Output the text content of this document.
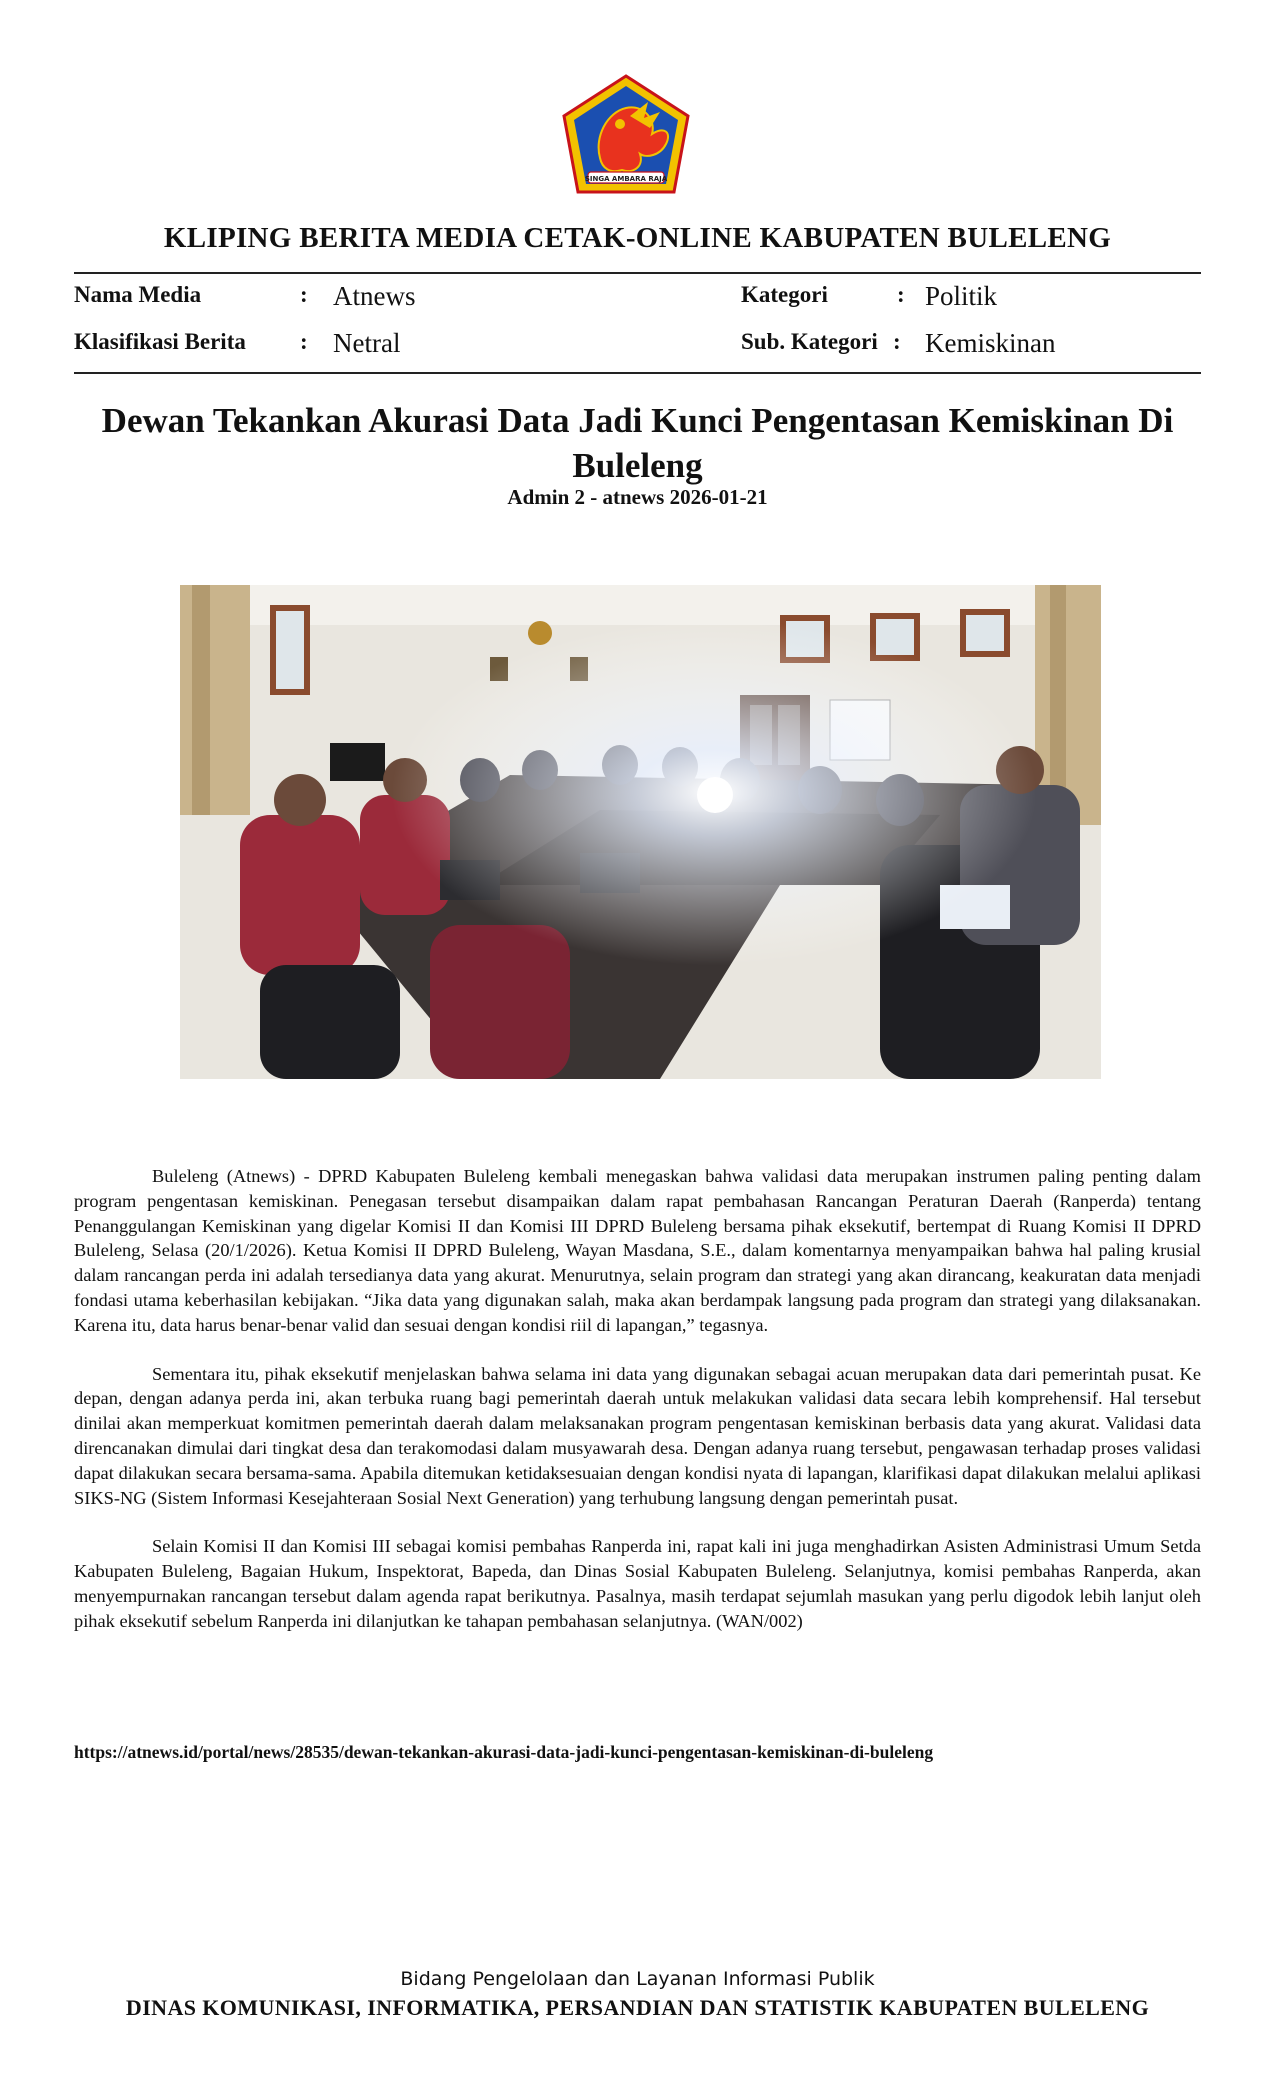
SINGA AMBARA RAJA
KLIPING BERITA MEDIA CETAK-ONLINE KABUPATEN BULELENG
Nama Media	: Atnews
Klasifikasi Berita : Netral
Kategori	: Politik
Sub. Kategori : Kemiskinan
Dewan Tekankan Akurasi Data Jadi Kunci Pengentasan Kemiskinan Di Buleleng
Admin 2 - atnews 2026-01-21

Buleleng (Atnews) - DPRD Kabupaten Buleleng kembali menegaskan bahwa validasi data merupakan instrumen paling penting dalam program pengentasan kemiskinan. Penegasan tersebut disampaikan dalam rapat pembahasan Rancangan Peraturan Daerah (Ranperda) tentang Penanggulangan Kemiskinan yang digelar Komisi II dan Komisi III DPRD Buleleng bersama pihak eksekutif, bertempat di Ruang Komisi II DPRD Buleleng, Selasa (20/1/2026). Ketua Komisi II DPRD Buleleng, Wayan Masdana, S.E., dalam komentarnya menyampaikan bahwa hal paling krusial dalam rancangan perda ini adalah tersedianya data yang akurat. Menurutnya, selain program dan strategi yang akan dirancang, keakuratan data menjadi fondasi utama keberhasilan kebijakan. “Jika data yang digunakan salah, maka akan berdampak langsung pada program dan strategi yang dilaksanakan. Karena itu, data harus benar-benar valid dan sesuai dengan kondisi riil di lapangan,” tegasnya.

Sementara itu, pihak eksekutif menjelaskan bahwa selama ini data yang digunakan sebagai acuan merupakan data dari pemerintah pusat. Ke depan, dengan adanya perda ini, akan terbuka ruang bagi pemerintah daerah untuk melakukan validasi data secara lebih komprehensif. Hal tersebut dinilai akan memperkuat komitmen pemerintah daerah dalam melaksanakan program pengentasan kemiskinan berbasis data yang akurat. Validasi data direncanakan dimulai dari tingkat desa dan terakomodasi dalam musyawarah desa. Dengan adanya ruang tersebut, pengawasan terhadap proses validasi dapat dilakukan secara bersama-sama. Apabila ditemukan ketidaksesuaian dengan kondisi nyata di lapangan, klarifikasi dapat dilakukan melalui aplikasi SIKS-NG (Sistem Informasi Kesejahteraan Sosial Next Generation) yang terhubung langsung dengan pemerintah pusat.

Selain Komisi II dan Komisi III sebagai komisi pembahas Ranperda ini, rapat kali ini juga menghadirkan Asisten Administrasi Umum Setda Kabupaten Buleleng, Bagaian Hukum, Inspektorat, Bapeda, dan Dinas Sosial Kabupaten Buleleng. Selanjutnya, komisi pembahas Ranperda, akan menyempurnakan rancangan tersebut dalam agenda rapat berikutnya. Pasalnya, masih terdapat sejumlah masukan yang perlu digodok lebih lanjut oleh pihak eksekutif sebelum Ranperda ini dilanjutkan ke tahapan pembahasan selanjutnya. (WAN/002)

https://atnews.id/portal/news/28535/dewan-tekankan-akurasi-data-jadi-kunci-pengentasan-kemiskinan-di-buleleng
Bidang Pengelolaan dan Layanan Informasi Publik
DINAS KOMUNIKASI, INFORMATIKA, PERSANDIAN DAN STATISTIK KABUPATEN BULELENG
